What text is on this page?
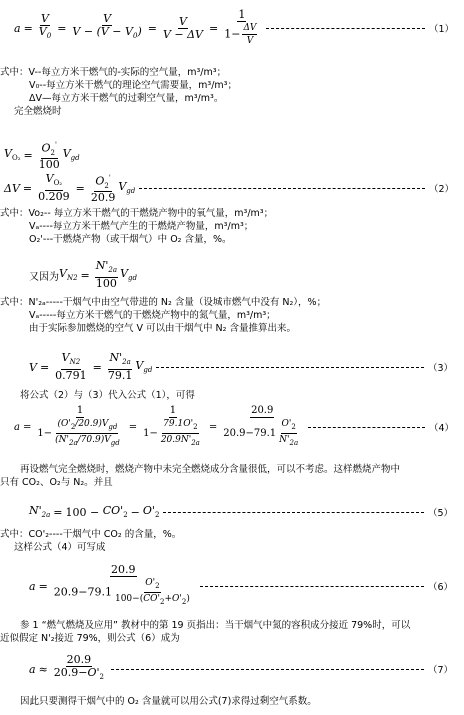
$a = \frac{V}{V_0} = \frac{V}{V - (V - V_0)} = \frac{V}{V - \Delta V} = \frac{1}{1- \frac{\Delta V}{V}}$	（1）
式中：V--每立方米干燃气的-实际的空气量，m³/m³；
V₀--每立方米干燃气的理论空气需要量，m³/m³；
ΔV—每立方米干燃气的过剩空气量，m³/m³。
完全燃烧时
$V_{O_2} = \frac{O_2'}{100} V_{gd}$
$\Delta V = \frac{V_{O_2}}{0.209} = \frac{O_2'}{20.9} V_{gd}$	（2）
式中：Vo₂-- 每立方米干燃气的干燃烧产物中的氧气量，m³/m³；
Vₐ----每立方米干燃气产生的干燃烧产物量，m³/m³；
O₂'---干燃烧产物（或干烟气）中 O₂ 含量，%。
又因为 $V_{N2} = \frac{N'_{2a}}{100} V_{gd}$
式中：N'₂ₐ-----干烟气中由空气带进的 N₂ 含量（设城市燃气中没有 N₂），%；
Vₐ-----每立方米干燃气的干燃烧产物中的氮气量，m³/m³；
由于实际参加燃烧的空气 V 可以由干烟气中 N₂ 含量推算出来。
$V = \frac{V_{N2}}{0.791} = \frac{N'_{2a}}{79.1} V_{gd}$	（3）
将公式（2）与（3）代入公式（1），可得
$a = \frac{1}{1- \frac{(O'_2/20.9)V_{gd}}{(N'_{2a}/70.9)V_{gd}}} = \frac{1}{1- \frac{79.1O'_2}{20.9N'_{2a}}} = \frac{20.9}{20.9-79.1 \frac{O'_2}{N'_{2a}}}$	（4）
再设燃气完全燃烧时，燃烧产物中未完全燃烧成分含量很低，可以不考虑。这样燃烧产物中
只有 CO₂、O₂与 N₂。并且
$N'_{2a} = 100 - CO'_2 - O'_2$	（5）
式中：CO'₂----干烟气中 CO₂ 的含量，%。
这样公式（4）可写成
$a = \frac{20.9}{20.9-79.1 \frac{O'_2}{100-(CO'_2+O'_2)}}$	（6）
参 1 “燃气燃烧及应用” 教材中的第 19 页指出：当干烟气中氮的容积成分接近 79%时，可以
近似假定 N'₂接近 79%，则公式（6）成为
$a \approx \frac{20.9}{20.9-O'_2}$	（7）
因此只要测得干烟气中的 O₂ 含量就可以用公式(7)求得过剩空气系数。
